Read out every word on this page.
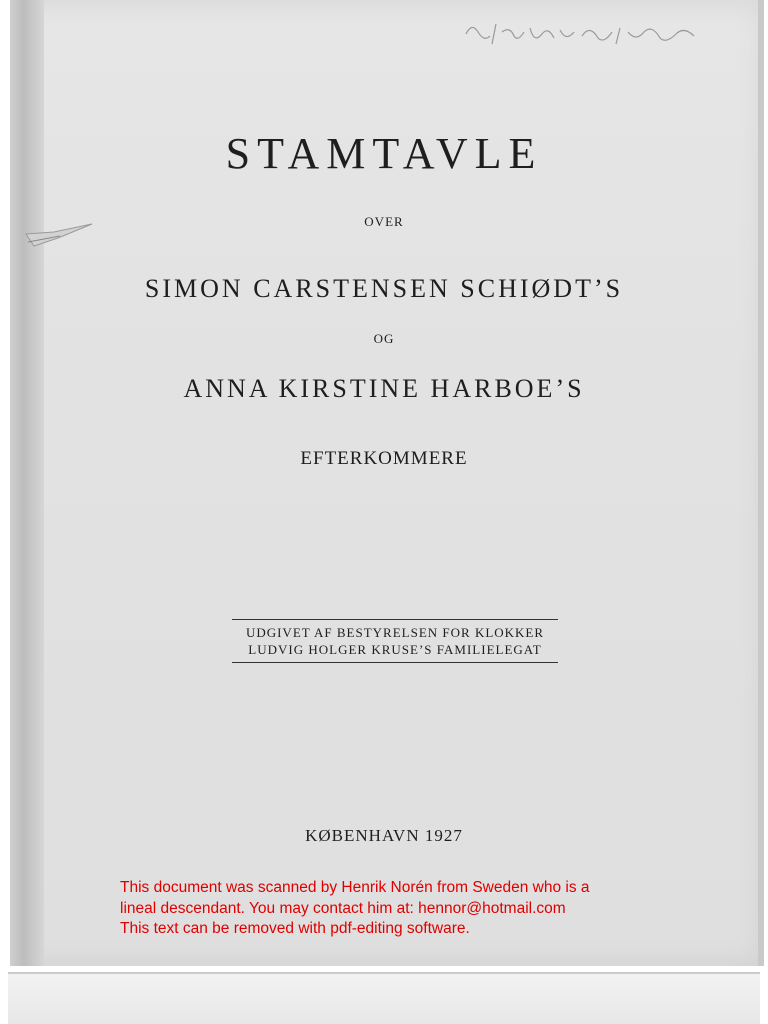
STAMTAVLE

OVER

SIMON CARSTENSEN SCHIØDT’S

OG

ANNA KIRSTINE HARBOE’S

EFTERKOMMERE

UDGIVET AF BESTYRELSEN FOR KLOKKER
LUDVIG HOLGER KRUSE’S FAMILIELEGAT

KØBENHAVN 1927

This document was scanned by Henrik Norén from Sweden who is a
lineal descendant. You may contact him at: hennor@hotmail.com
This text can be removed with pdf-editing software.
